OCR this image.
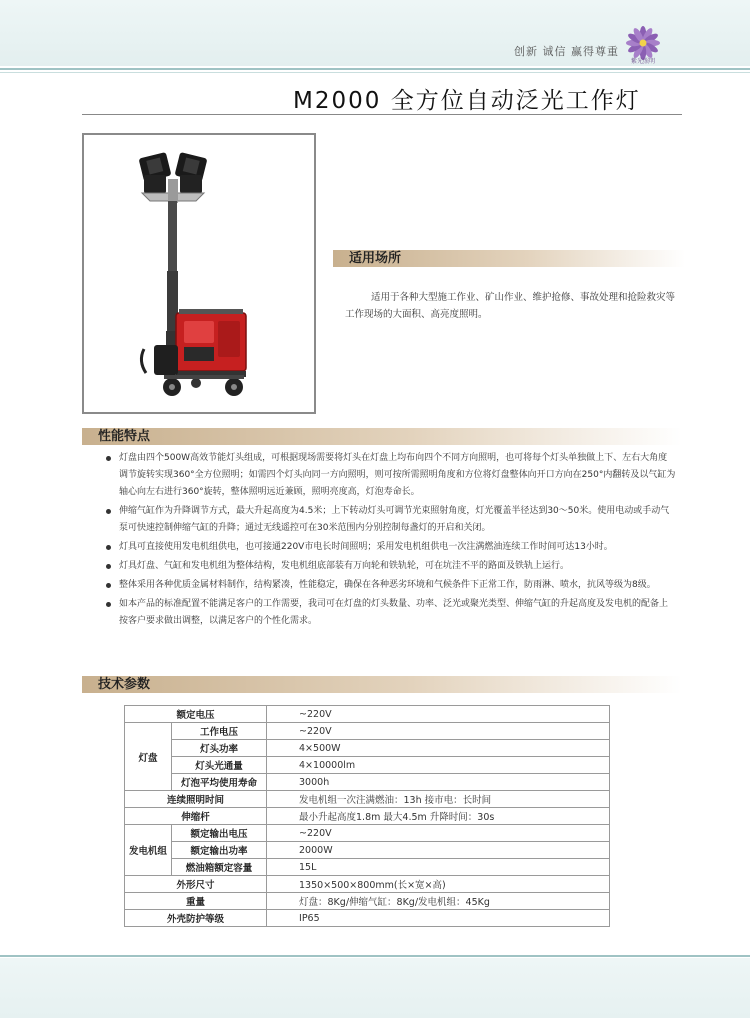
创新 诚信 赢得尊重
紫光照明
M2000 全方位自动泛光工作灯
适用场所

适用于各种大型施工作业、矿山作业、维护抢修、事故处理和抢险救灾等工作现场的大面积、高亮度照明。

性能特点
灯盘由四个500W高效节能灯头组成，可根据现场需要将灯头在灯盘上均布向四个不同方向照明，也可将每个灯头单独做上下、左右大角度调节旋转实现360°全方位照明；如需四个灯头向同一方向照明，则可按所需照明角度和方位将灯盘整体向开口方向在250°内翻转及以气缸为轴心向左右进行360°旋转，整体照明远近兼顾，照明亮度高，灯泡寿命长。
伸缩气缸作为升降调节方式，最大升起高度为4.5米；上下转动灯头可调节光束照射角度，灯光覆盖半径达到30～50米。使用电动或手动气泵可快速控制伸缩气缸的升降；通过无线遥控可在30米范围内分别控制每盏灯的开启和关闭。
灯具可直接使用发电机组供电，也可接通220V市电长时间照明；采用发电机组供电一次注满燃油连续工作时间可达13小时。
灯具灯盘、气缸和发电机组为整体结构，发电机组底部装有万向轮和铁轨轮，可在坑洼不平的路面及铁轨上运行。
整体采用各种优质金属材料制作，结构紧凑，性能稳定，确保在各种恶劣环境和气候条件下正常工作，防雨淋、喷水，抗风等级为8级。
如本产品的标准配置不能满足客户的工作需要，我司可在灯盘的灯头数量、功率、泛光或聚光类型、伸缩气缸的升起高度及发电机的配备上按客户要求做出调整，以满足客户的个性化需求。
技术参数
额定电压		~220V
灯盘	工作电压	~220V
	灯头功率	4×500W
	灯头光通量	4×10000lm
	灯泡平均使用寿命	3000h
连续照明时间		发电机组一次注满燃油：13h 接市电：长时间
伸缩杆		最小升起高度1.8m 最大4.5m 升降时间：30s
发电机组	额定输出电压	~220V
	额定输出功率	2000W
	燃油箱额定容量	15L
外形尺寸		1350×500×800mm(长×宽×高)
重量		灯盘：8Kg/伸缩气缸：8Kg/发电机组：45Kg
外壳防护等级		IP65
